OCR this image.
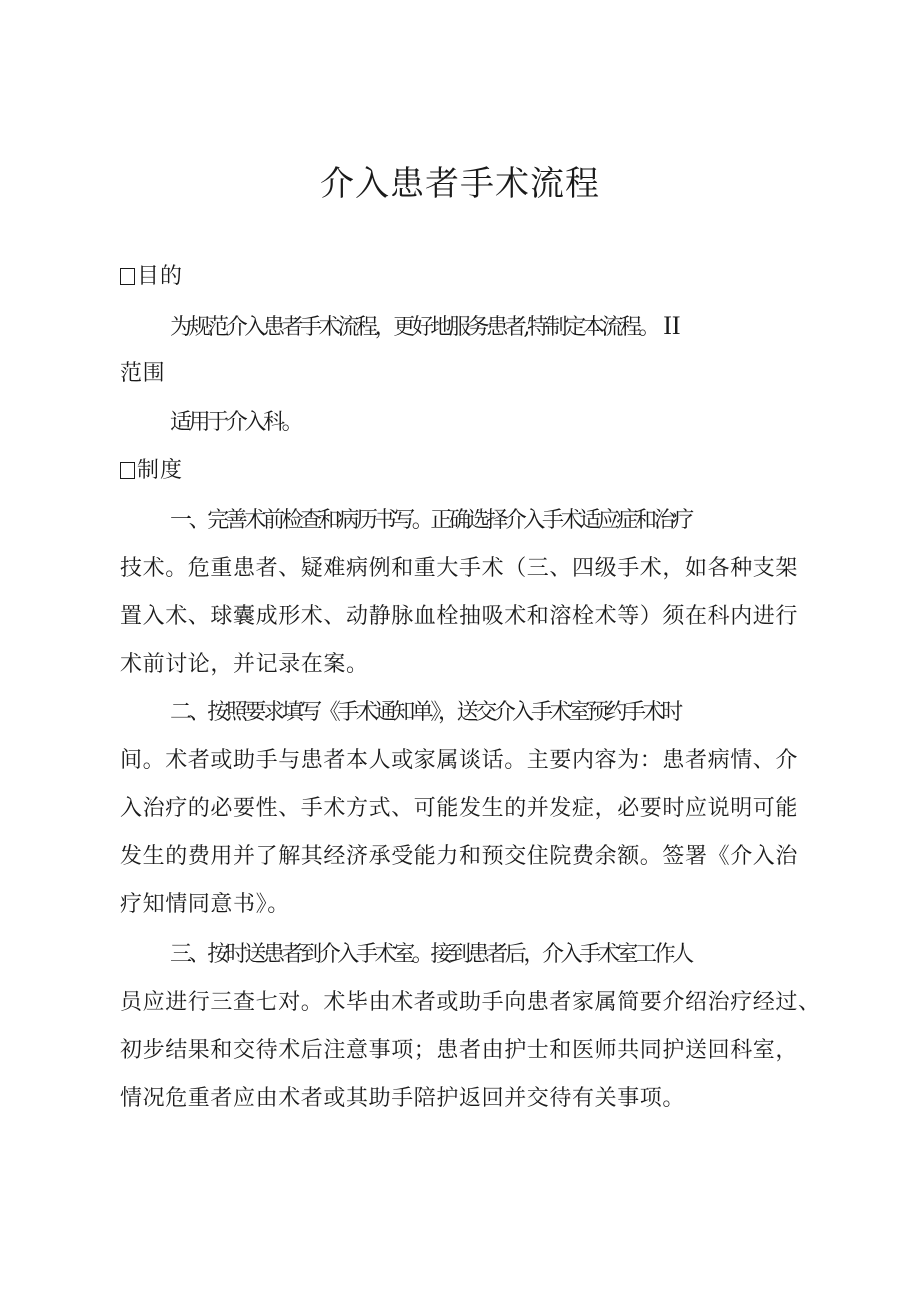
介入患者手术流程

目的

为规范介入患者手术流程，更好地服务患者,特制定本流程。 II

范围

适用于介入科。

制度

一、完善术前检查和病历书写。正确选择介入手术适应症和治疗

技术。危重患者、疑难病例和重大手术（三、四级手术，如各种支架

置入术、球囊成形术、动静脉血栓抽吸术和溶栓术等）须在科内进行

术前讨论，并记录在案。

二、按照要求填写《手术通知单》，送交介入手术室预约手术时

间。术者或助手与患者本人或家属谈话。主要内容为：患者病情、介

入治疗的必要性、手术方式、可能发生的并发症，必要时应说明可能

发生的费用并了解其经济承受能力和预交住院费余额。签署《介入治

疗知情同意书》。

三、按时送患者到介入手术室。接到患者后，介入手术室工作人

员应进行三查七对。术毕由术者或助手向患者家属简要介绍治疗经过、

初步结果和交待术后注意事项；患者由护士和医师共同护送回科室，

情况危重者应由术者或其助手陪护返回并交待有关事项。
